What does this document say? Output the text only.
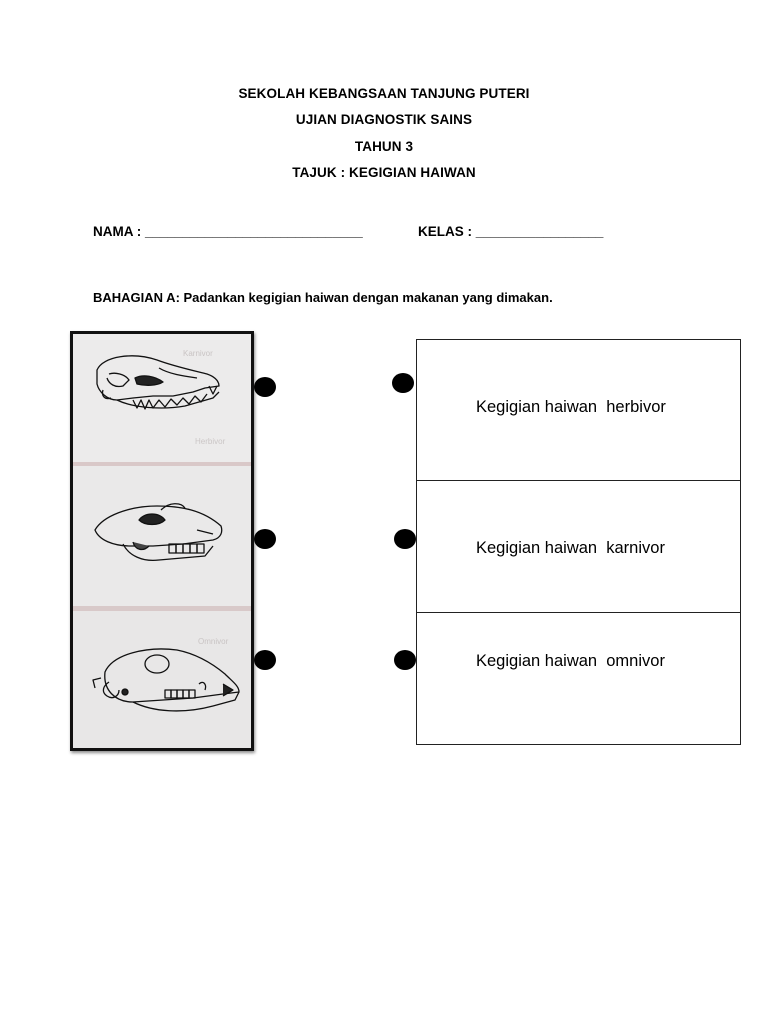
SEKOLAH KEBANGSAAN TANJUNG PUTERI
UJIAN DIAGNOSTIK SAINS
TAHUN 3
TAJUK : KEGIGIAN HAIWAN
NAMA : _____________________________	KELAS : _________________
BAHAGIAN A: Padankan kegigian haiwan dengan makanan yang dimakan.
Karnivor
Herbivor
Omnivor
Kegigian haiwan  herbivor
Kegigian haiwan  karnivor
Kegigian haiwan  omnivor
